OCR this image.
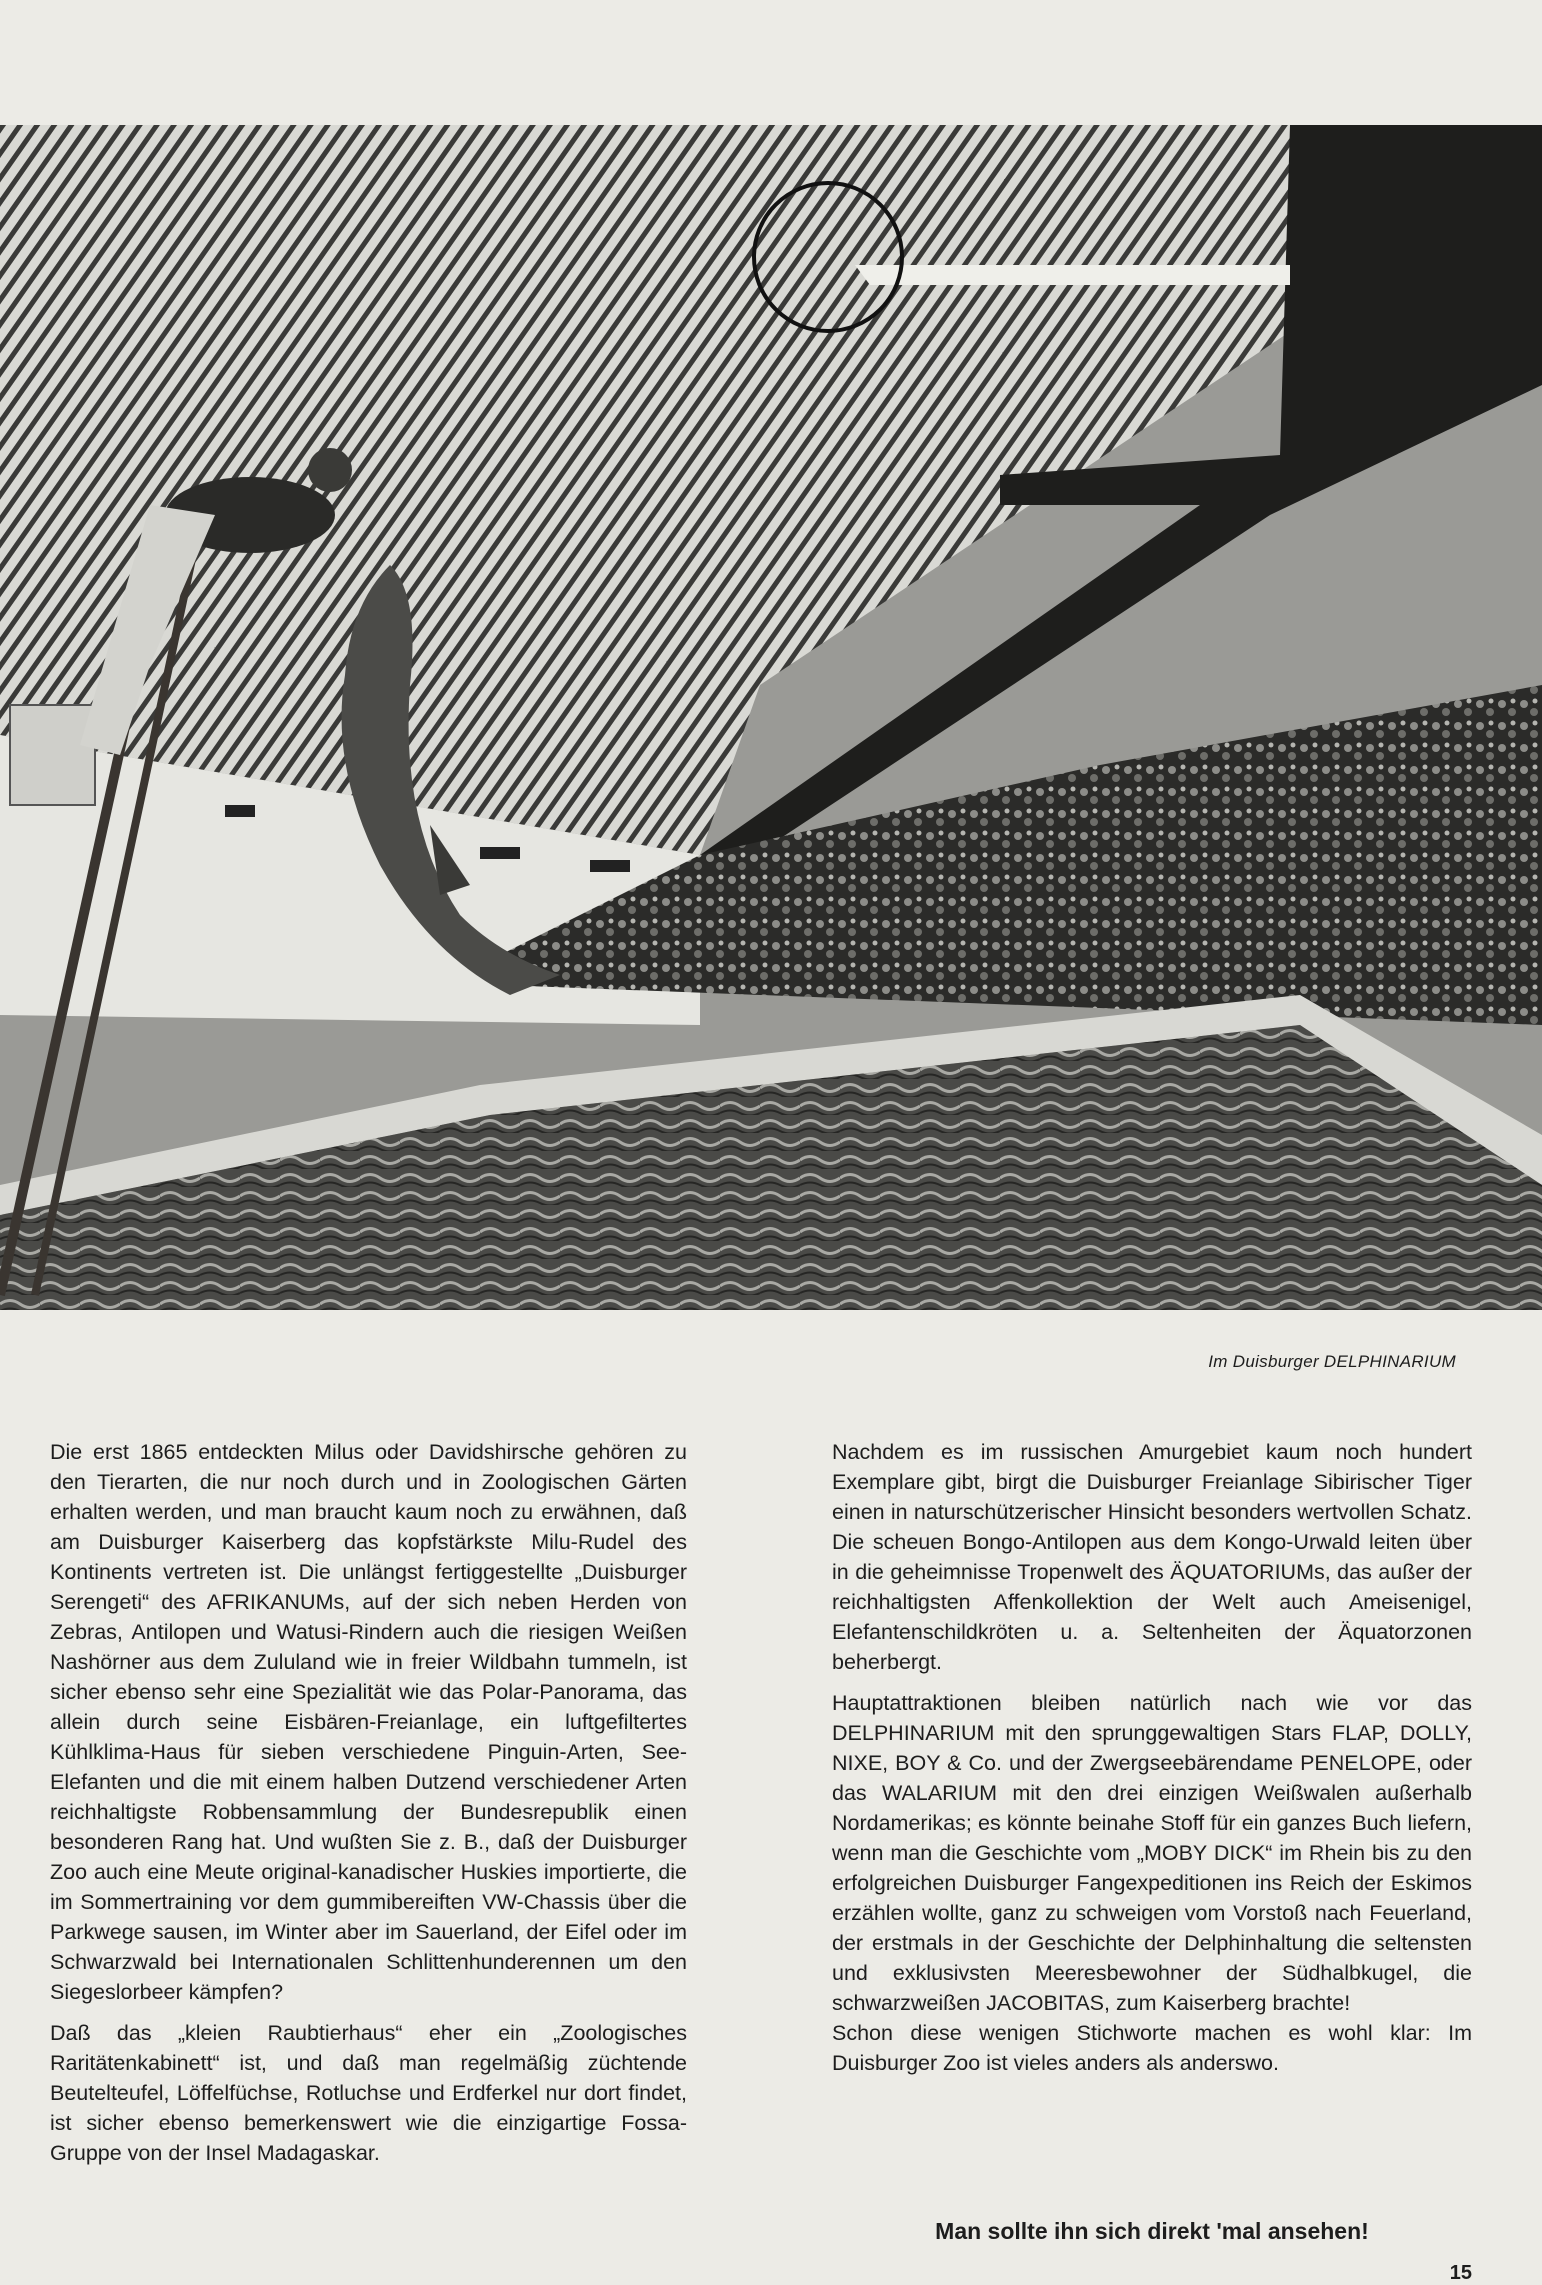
Im Duisburger DELPHINARIUM

Die erst 1865 entdeckten Milus oder Davidshirsche gehören zu den Tierarten, die nur noch durch und in Zoologischen Gärten erhalten werden, und man braucht kaum noch zu erwähnen, daß am Duisburger Kaiserberg das kopfstärkste Milu-Rudel des Kontinents vertreten ist. Die unlängst fertiggestellte „Duisburger Serengeti“ des AFRIKANUMs, auf der sich neben Herden von Zebras, Antilopen und Watusi-Rindern auch die riesigen Weißen Nashörner aus dem Zululand wie in freier Wildbahn tummeln, ist sicher ebenso sehr eine Spezialität wie das Polar-Panorama, das allein durch seine Eisbären-Freianlage, ein luftgefiltertes Kühlklima-Haus für sieben verschiedene Pinguin-Arten, See-Elefanten und die mit einem halben Dutzend verschiedener Arten reichhaltigste Robbensammlung der Bundesrepublik einen besonderen Rang hat. Und wußten Sie z. B., daß der Duisburger Zoo auch eine Meute original-kanadischer Huskies importierte, die im Sommertraining vor dem gummibereiften VW-Chassis über die Parkwege sausen, im Winter aber im Sauerland, der Eifel oder im Schwarzwald bei Internationalen Schlittenhunderennen um den Siegeslorbeer kämpfen?

Daß das „kleien Raubtierhaus“ eher ein „Zoologisches Raritätenkabinett“ ist, und daß man regelmäßig züchtende Beutelteufel, Löffelfüchse, Rotluchse und Erdferkel nur dort findet, ist sicher ebenso bemerkenswert wie die einzigartige Fossa-Gruppe von der Insel Madagaskar.

Nachdem es im russischen Amurgebiet kaum noch hundert Exemplare gibt, birgt die Duisburger Freianlage Sibirischer Tiger einen in naturschützerischer Hinsicht besonders wertvollen Schatz. Die scheuen Bongo-Antilopen aus dem Kongo-Urwald leiten über in die geheimnisse Tropenwelt des ÄQUATORIUMs, das außer der reichhaltigsten Affenkollektion der Welt auch Ameisenigel, Elefantenschildkröten u. a. Seltenheiten der Äquatorzonen beherbergt.

Hauptattraktionen bleiben natürlich nach wie vor das DELPHINARIUM mit den sprunggewaltigen Stars FLAP, DOLLY, NIXE, BOY & Co. und der Zwergseebärendame PENELOPE, oder das WALARIUM mit den drei einzigen Weißwalen außerhalb Nordamerikas; es könnte beinahe Stoff für ein ganzes Buch liefern, wenn man die Geschichte vom „MOBY DICK“ im Rhein bis zu den erfolgreichen Duisburger Fangexpeditionen ins Reich der Eskimos erzählen wollte, ganz zu schweigen vom Vorstoß nach Feuerland, der erstmals in der Geschichte der Delphinhaltung die seltensten und exklusivsten Meeresbewohner der Südhalbkugel, die schwarzweißen JACOBITAS, zum Kaiserberg brachte!

Schon diese wenigen Stichworte machen es wohl klar: Im Duisburger Zoo ist vieles anders als anderswo.

Man sollte ihn sich direkt 'mal ansehen!
15
